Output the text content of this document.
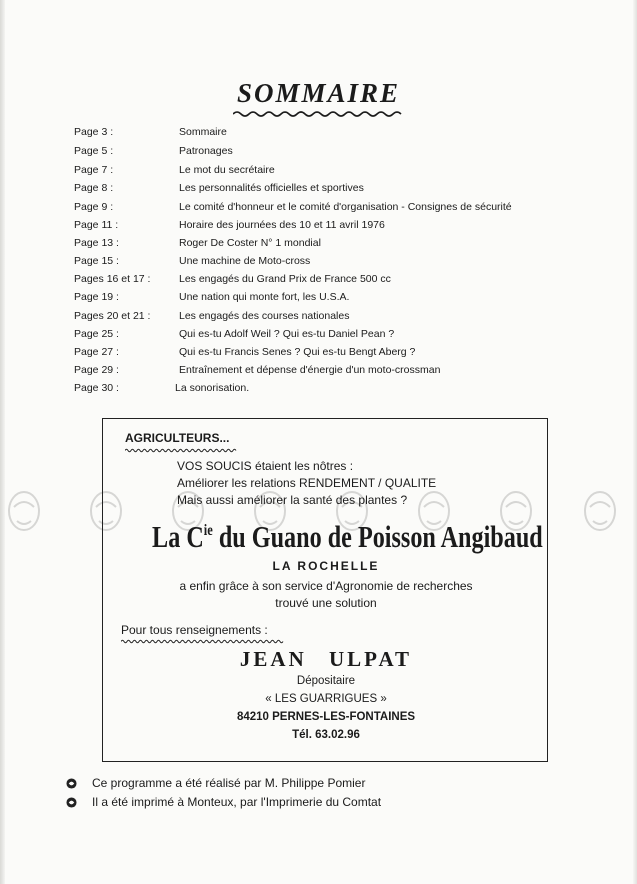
SOMMAIRE
Page 3 :	Sommaire
Page 5 :	Patronages
Page 7 :	Le mot du secrétaire
Page 8 :	Les personnalités officielles et sportives
Page 9 :	Le comité d'honneur et le comité d'organisation - Consignes de sécurité
Page 11 :	Horaire des journées des 10 et 11 avril 1976
Page 13 :	Roger De Coster N° 1 mondial
Page 15 :	Une machine de Moto-cross
Pages 16 et 17 :	Les engagés du Grand Prix de France 500 cc
Page 19 :	Une nation qui monte fort, les U.S.A.
Pages 20 et 21 :	Les engagés des courses nationales
Page 25 :	Qui es-tu Adolf Weil ? Qui es-tu Daniel Pean ?
Page 27 :	Qui es-tu Francis Senes ? Qui es-tu Bengt Aberg ?
Page 29 :	Entraînement et dépense d'énergie d'un moto-crossman
Page 30 :	La sonorisation.
AGRICULTEURS...
VOS SOUCIS étaient les nôtres :
Améliorer les relations RENDEMENT / QUALITE
Mais aussi améliorer la santé des plantes ?
La $C^{ie}$ du Guano de Poisson Angibaud
LA ROCHELLE
a enfin grâce à son service d'Agronomie de recherches
trouvé une solution
Pour tous renseignements :
JEAN ULPAT
Dépositaire
« LES GUARRIGUES »
84210 PERNES-LES-FONTAINES
Tél. 63.02.96
Ce programme a été réalisé par M. Philippe Pomier
Il a été imprimé à Monteux, par l'Imprimerie du Comtat
